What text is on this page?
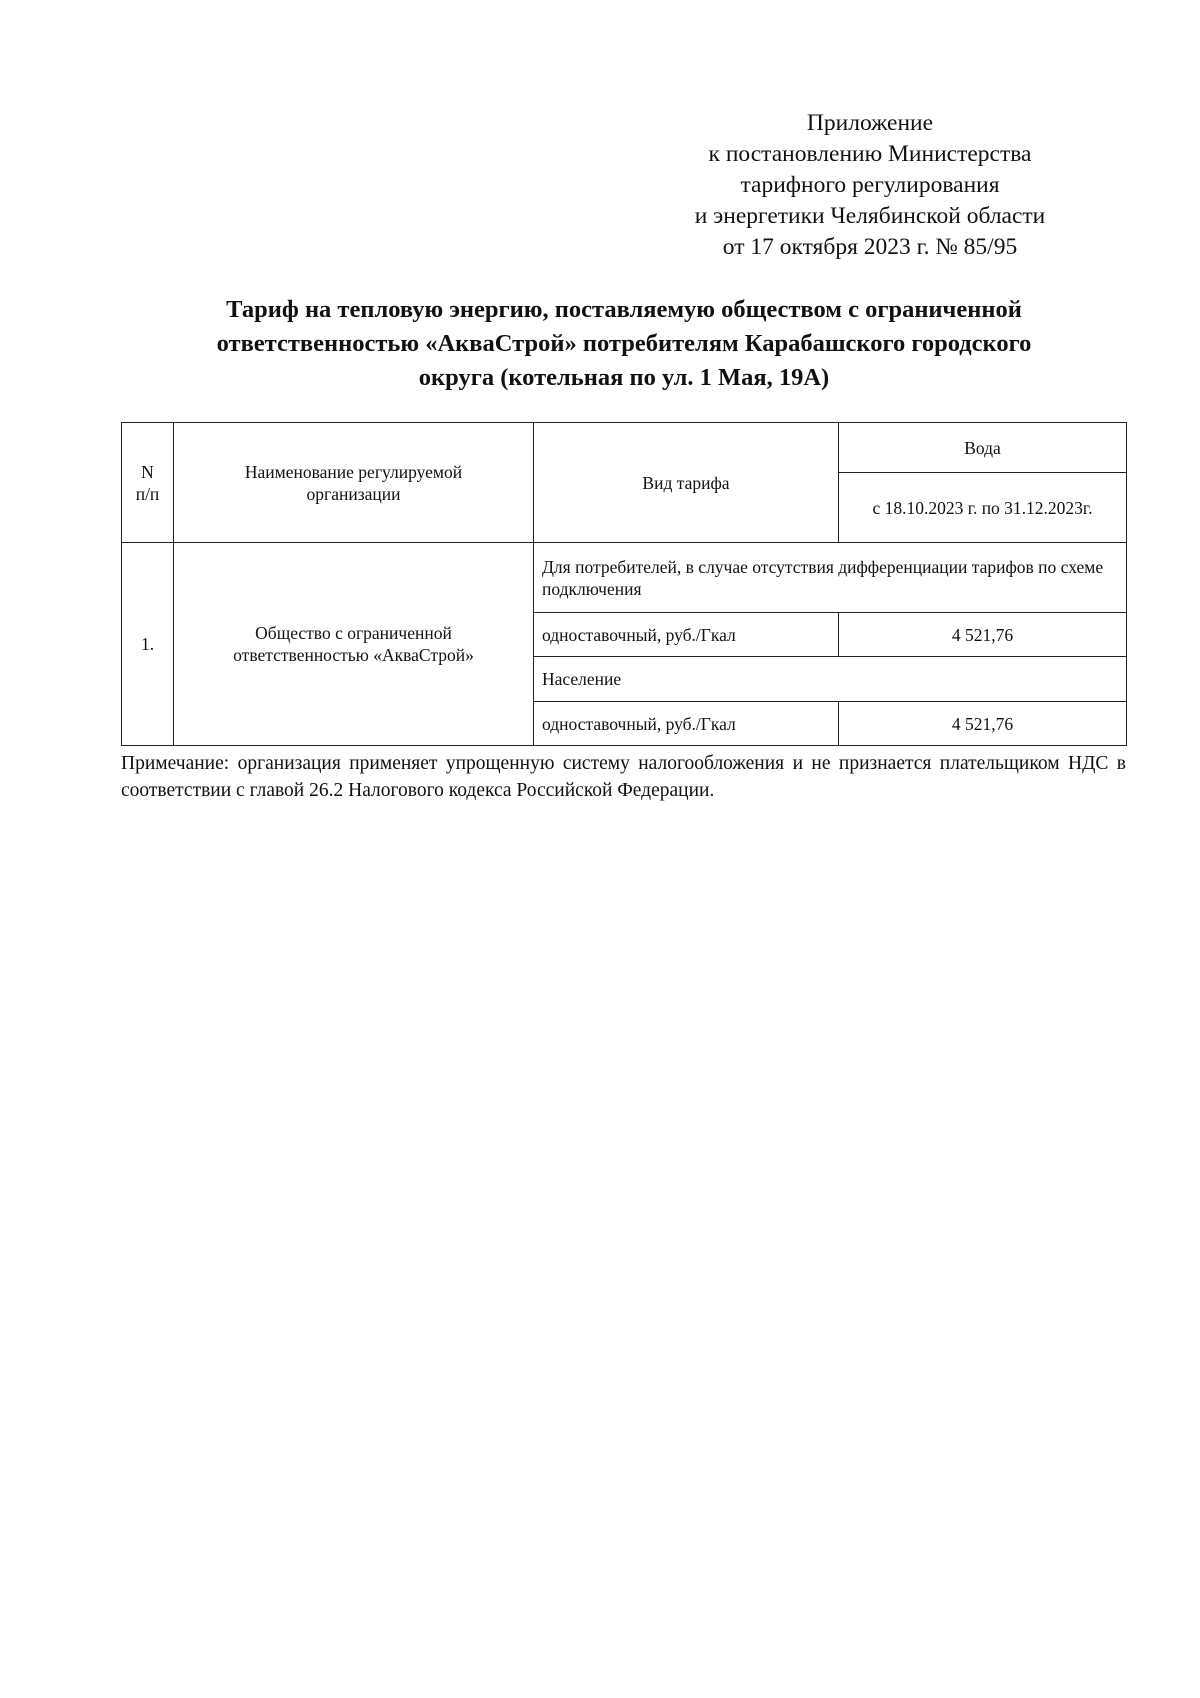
Приложение
к постановлению Министерства
тарифного регулирования
и энергетики Челябинской области
от 17 октября 2023 г. № 85/95
Тариф на тепловую энергию, поставляемую обществом с ограниченной
ответственностью «АкваСтрой» потребителям Карабашского городского
округа (котельная по ул. 1 Мая, 19А)
N
п/п	Наименование регулируемой организации	Вид тарифа	Вода
			с 18.10.2023 г. по 31.12.2023г.
1.	Общество с ограниченной ответственностью «АкваСтрой»	Для потребителей, в случае отсутствия дифференциации тарифов по схеме подключения	
		одноставочный, руб./Гкал	4 521,76
		Население	
		одноставочный, руб./Гкал	4 521,76
Примечание: организация применяет упрощенную систему налогообложения и не признается плательщиком НДС в соответствии с главой 26.2 Налогового кодекса Российской Федерации.
